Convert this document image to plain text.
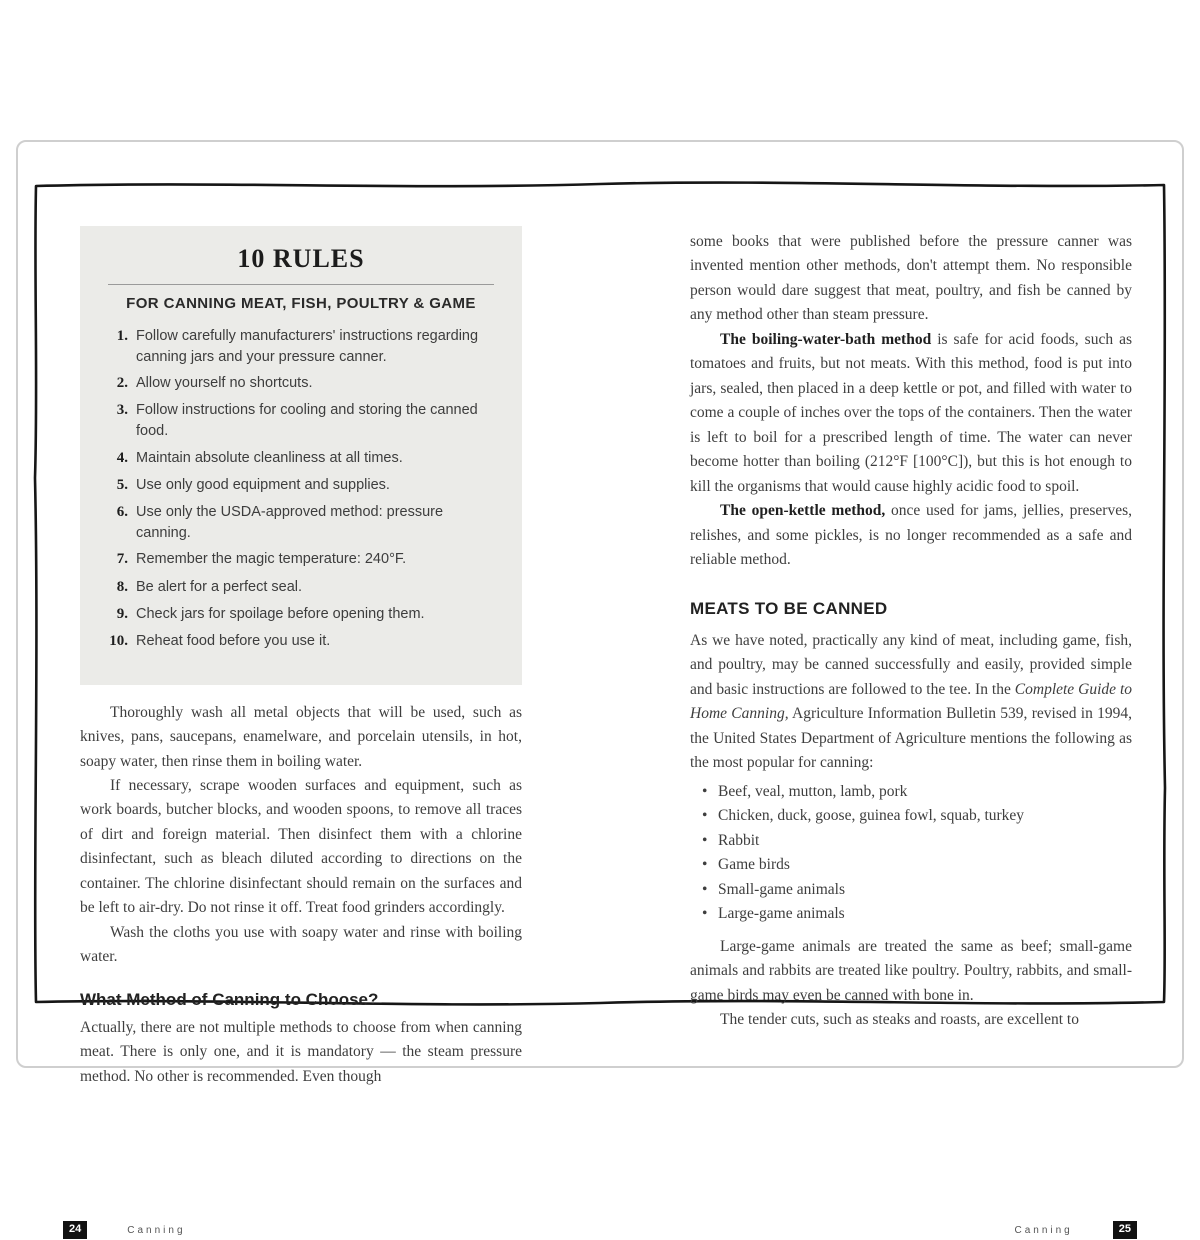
10 RULES
FOR CANNING MEAT, FISH, POULTRY & GAME
1. Follow carefully manufacturers' instructions regarding canning jars and your pressure canner.
2. Allow yourself no shortcuts.
3. Follow instructions for cooling and storing the canned food.
4. Maintain absolute cleanliness at all times.
5. Use only good equipment and supplies.
6. Use only the USDA-approved method: pressure canning.
7. Remember the magic temperature: 240°F.
8. Be alert for a perfect seal.
9. Check jars for spoilage before opening them.
10. Reheat food before you use it.

Thoroughly wash all metal objects that will be used, such as knives, pans, saucepans, enamelware, and porcelain utensils, in hot, soapy water, then rinse them in boiling water.

If necessary, scrape wooden surfaces and equipment, such as work boards, butcher blocks, and wooden spoons, to remove all traces of dirt and foreign material. Then disinfect them with a chlorine disinfectant, such as bleach diluted according to directions on the container. The chlorine disinfectant should remain on the surfaces and be left to air-dry. Do not rinse it off. Treat food grinders accordingly.

Wash the cloths you use with soapy water and rinse with boiling water.

What Method of Canning to Choose?

Actually, there are not multiple methods to choose from when canning meat. There is only one, and it is mandatory — the steam pressure method. No other is recommended. Even though

some books that were published before the pressure canner was invented mention other methods, don't attempt them. No responsible person would dare suggest that meat, poultry, and fish be canned by any method other than steam pressure.

The boiling-water-bath method is safe for acid foods, such as tomatoes and fruits, but not meats. With this method, food is put into jars, sealed, then placed in a deep kettle or pot, and filled with water to come a couple of inches over the tops of the containers. Then the water is left to boil for a prescribed length of time. The water can never become hotter than boiling (212°F [100°C]), but this is hot enough to kill the organisms that would cause highly acidic food to spoil.

The open-kettle method, once used for jams, jellies, preserves, relishes, and some pickles, is no longer recommended as a safe and reliable method.

MEATS TO BE CANNED

As we have noted, practically any kind of meat, including game, fish, and poultry, may be canned successfully and easily, provided simple and basic instructions are followed to the tee. In the Complete Guide to Home Canning, Agriculture Information Bulletin 539, revised in 1994, the United States Department of Agriculture mentions the following as the most popular for canning:

• Beef, veal, mutton, lamb, pork
• Chicken, duck, goose, guinea fowl, squab, turkey
• Rabbit
• Game birds
• Small-game animals
• Large-game animals

Large-game animals are treated the same as beef; small-game animals and rabbits are treated like poultry. Poultry, rabbits, and small-game birds may even be canned with bone in.

The tender cuts, such as steaks and roasts, are excellent to

24	Canning	25
Canning
